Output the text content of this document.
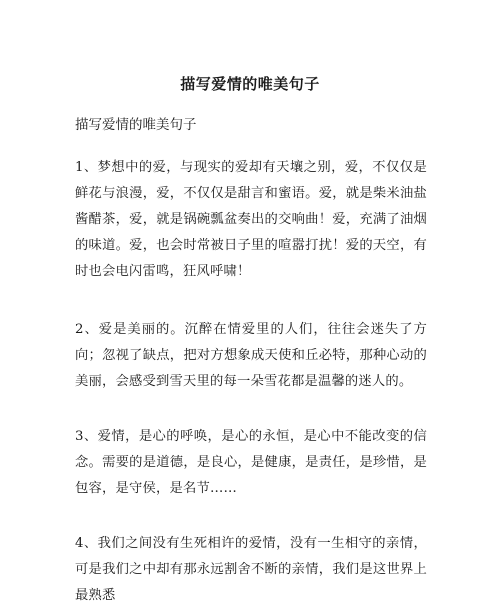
描写爱情的唯美句子
描写爱情的唯美句子
1、梦想中的爱，与现实的爱却有天壤之别，爱，不仅仅是鲜花与浪漫，爱，不仅仅是甜言和蜜语。爱，就是柴米油盐酱醋茶，爱，就是锅碗瓢盆奏出的交响曲！爱，充满了油烟的味道。爱，也会时常被日子里的喧嚣打扰！爱的天空，有时也会电闪雷鸣，狂风呼啸！
2、爱是美丽的。沉醉在情爱里的人们，往往会迷失了方向；忽视了缺点，把对方想象成天使和丘必特，那种心动的美丽，会感受到雪天里的每一朵雪花都是温馨的迷人的。
3、爱情，是心的呼唤，是心的永恒，是心中不能改变的信念。需要的是道德，是良心，是健康，是责任，是珍惜，是包容，是守侯，是名节……
4、我们之间没有生死相许的爱情，没有一生相守的亲情，可是我们之中却有那永远割舍不断的亲情，我们是这世界上最熟悉
